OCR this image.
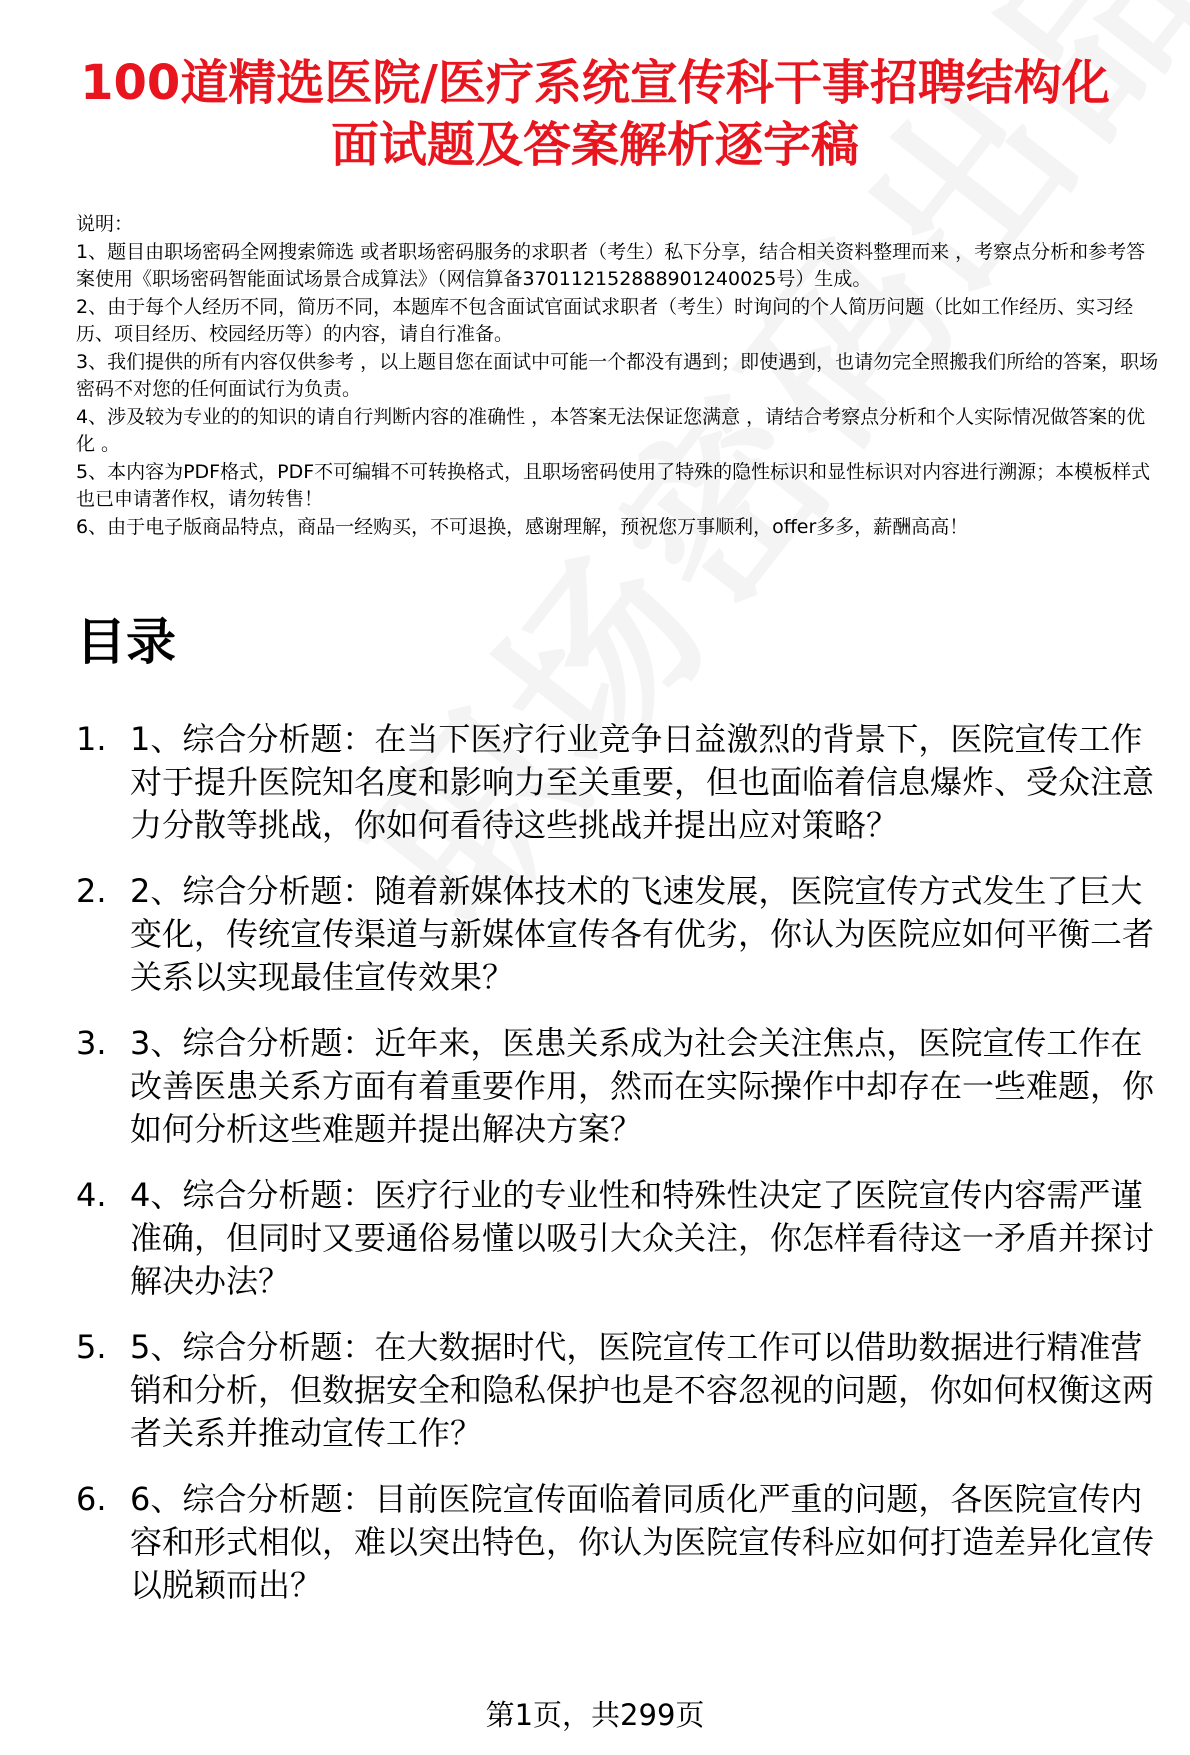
100道精选医院/医疗系统宣传科干事招聘结构化面试题及答案解析逐字稿

说明：

1、题目由职场密码全网搜索筛选 或者职场密码服务的求职者（考生）私下分享，结合相关资料整理而来 ，考察点分析和参考答案使用《职场密码智能面试场景合成算法》（网信算备370112152888901240025号）生成。

2、由于每个人经历不同，简历不同，本题库不包含面试官面试求职者（考生）时询问的个人简历问题（比如工作经历、实习经历、项目经历、校园经历等）的内容，请自行准备。

3、我们提供的所有内容仅供参考 ，以上题目您在面试中可能一个都没有遇到；即使遇到，也请勿完全照搬我们所给的答案，职场密码不对您的任何面试行为负责。

4、涉及较为专业的的知识的请自行判断内容的准确性 ，本答案无法保证您满意 ，请结合考察点分析和个人实际情况做答案的优化 。

5、本内容为PDF格式，PDF不可编辑不可转换格式，且职场密码使用了特殊的隐性标识和显性标识对内容进行溯源；本模板样式也已申请著作权，请勿转售！

6、由于电子版商品特点，商品一经购买，不可退换，感谢理解，预祝您万事顺利，offer多多，薪酬高高！

目录
1. 1、综合分析题：在当下医疗行业竞争日益激烈的背景下，医院宣传工作对于提升医院知名度和影响力至关重要，但也面临着信息爆炸、受众注意力分散等挑战，你如何看待这些挑战并提出应对策略？
2. 2、综合分析题：随着新媒体技术的飞速发展，医院宣传方式发生了巨大变化，传统宣传渠道与新媒体宣传各有优劣，你认为医院应如何平衡二者关系以实现最佳宣传效果？
3. 3、综合分析题：近年来，医患关系成为社会关注焦点，医院宣传工作在改善医患关系方面有着重要作用，然而在实际操作中却存在一些难题，你如何分析这些难题并提出解决方案？
4. 4、综合分析题：医疗行业的专业性和特殊性决定了医院宣传内容需严谨准确，但同时又要通俗易懂以吸引大众关注，你怎样看待这一矛盾并探讨解决办法？
5. 5、综合分析题：在大数据时代，医院宣传工作可以借助数据进行精准营销和分析，但数据安全和隐私保护也是不容忽视的问题，你如何权衡这两者关系并推动宣传工作？
6. 6、综合分析题：目前医院宣传面临着同质化严重的问题，各医院宣传内容和形式相似，难以突出特色，你认为医院宣传科应如何打造差异化宣传以脱颖而出？
第1页，共299页
